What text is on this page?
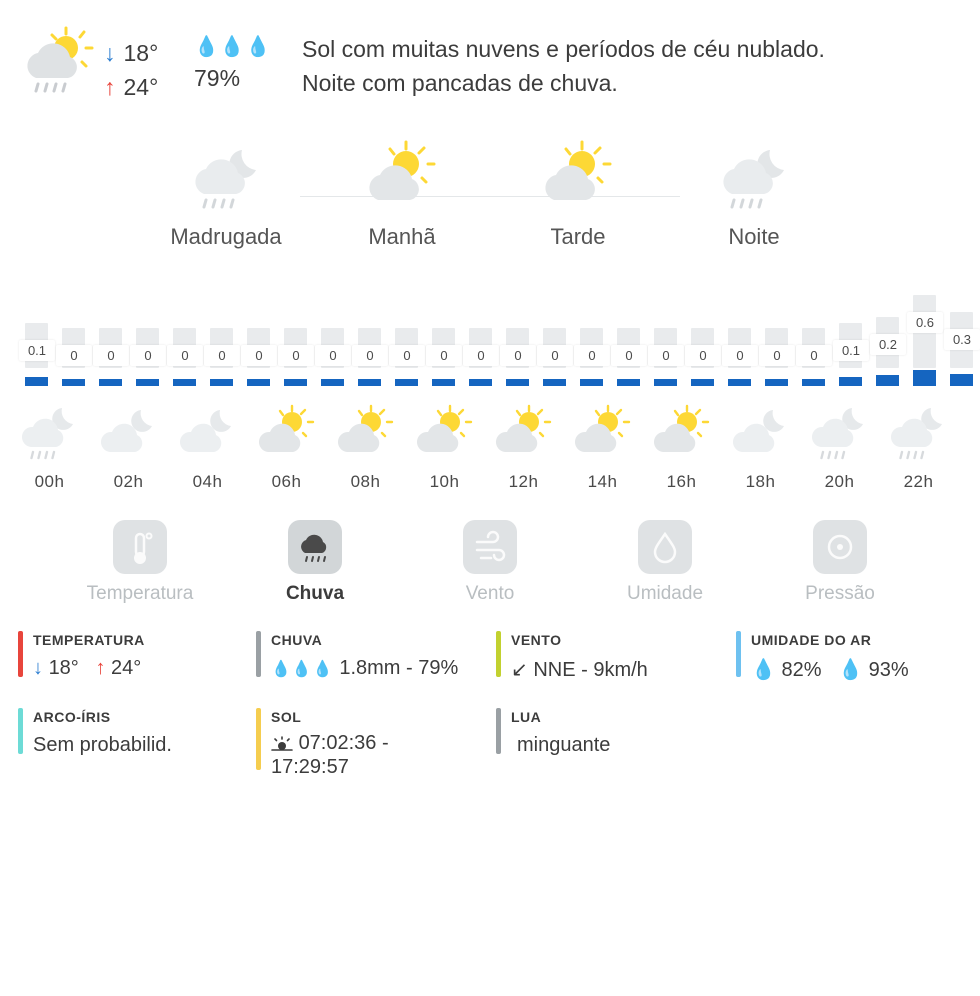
↓ 18°
↑ 24°
💧💧💧
79%
Sol com muitas nuvens e períodos de céu nublado.
Noite com pancadas de chuva.
Madrugada	Manhã	Tarde	Noite
0.1	0	0	0	0	0	0	0	0	0	0	0	0	0	0	0	0	0	0	0	0	0	0.1	0.2
0.6
0.3
00h	02h	04h	06h	08h	10h	12h	14h	16h	18h	20h	22h
Temperatura	Chuva	Vento	Umidade	Pressão
TEMPERATURA
↓ 18° ↑ 24°
CHUVA
💧💧💧 1.8mm - 79%
VENTO
↙ NNE - 9km/h
UMIDADE DO AR
💧 82% 💧 93%
ARCO-ÍRIS
Sem probabilid.
SOL
07:02:36 - 17:29:57
LUA
minguante
